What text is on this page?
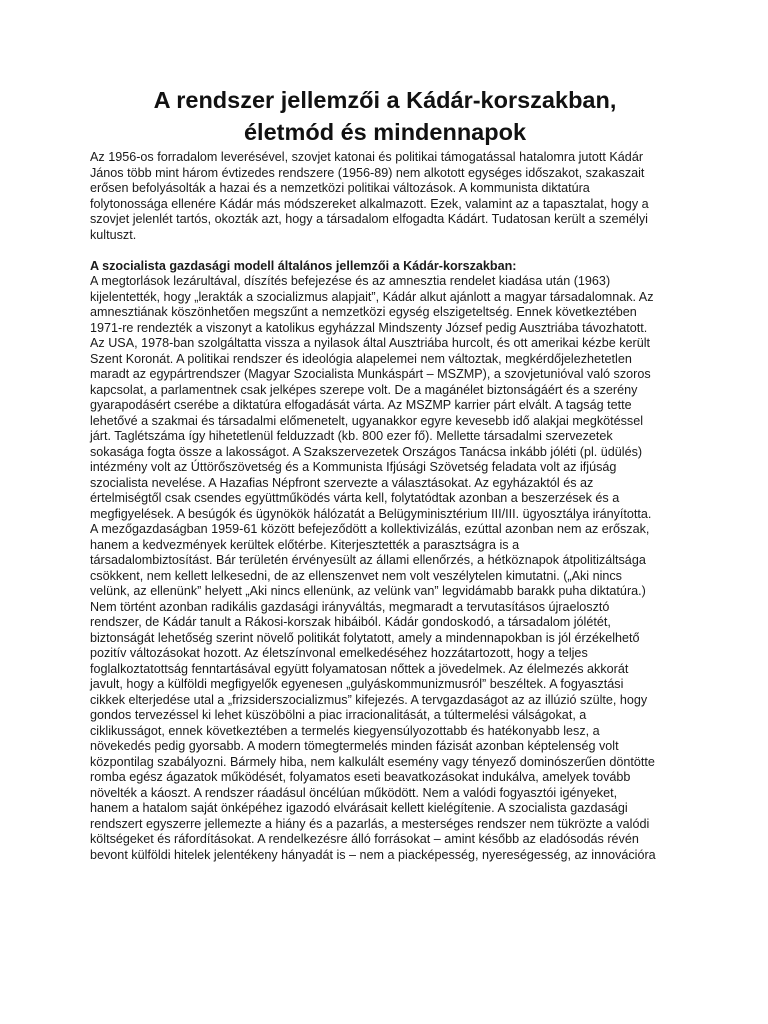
A rendszer jellemzői a Kádár-korszakban,
életmód és mindennapok

Az 1956-os forradalom leverésével, szovjet katonai és politikai támogatással hatalomra jutott Kádár
János több mint három évtizedes rendszere (1956-89) nem alkotott egységes időszakot, szakaszait
erősen befolyásolták a hazai és a nemzetközi politikai változások. A kommunista diktatúra
folytonossága ellenére Kádár más módszereket alkalmazott. Ezek, valamint az a tapasztalat, hogy a
szovjet jelenlét tartós, okozták azt, hogy a társadalom elfogadta Kádárt. Tudatosan került a személyi
kultuszt.

A szocialista gazdasági modell általános jellemzői a Kádár-korszakban:
A megtorlások lezárultával, díszítés befejezése és az amnesztia rendelet kiadása után (1963)
kijelentették, hogy „lerakták a szocializmus alapjait”, Kádár alkut ajánlott a magyar társadalomnak. Az
amnesztiának köszönhetően megszűnt a nemzetközi egység elszigeteltség. Ennek következtében
1971-re rendezték a viszonyt a katolikus egyházzal Mindszenty József pedig Ausztriába távozhatott.
Az USA, 1978-ban szolgáltatta vissza a nyilasok által Ausztriába hurcolt, és ott amerikai kézbe került
Szent Koronát. A politikai rendszer és ideológia alapelemei nem változtak, megkérdőjelezhetetlen
maradt az egypártrendszer (Magyar Szocialista Munkáspárt – MSZMP), a szovjetunióval való szoros
kapcsolat, a parlamentnek csak jelképes szerepe volt. De a magánélet biztonságáért és a szerény
gyarapodásért cserébe a diktatúra elfogadását várta. Az MSZMP karrier párt elvált. A tagság tette
lehetővé a szakmai és társadalmi előmenetelt, ugyanakkor egyre kevesebb idő alakjai megkötéssel
járt. Taglétszáma így hihetetlenül felduzzadt (kb. 800 ezer fő). Mellette társadalmi szervezetek
sokasága fogta össze a lakosságot. A Szakszervezetek Országos Tanácsa inkább jóléti (pl. üdülés)
intézmény volt az Úttörőszövetség és a Kommunista Ifjúsági Szövetség feladata volt az ifjúság
szocialista nevelése. A Hazafias Népfront szervezte a választásokat. Az egyházaktól és az
értelmiségtől csak csendes együttműködés várta kell, folytatódtak azonban a beszerzések és a
megfigyelések. A besúgók és ügynökök hálózatát a Belügyminisztérium III/III. ügyosztálya irányította.
A mezőgazdaságban 1959-61 között befejeződött a kollektivizálás, ezúttal azonban nem az erőszak,
hanem a kedvezmények kerültek előtérbe. Kiterjesztették a parasztságra is a
társadalombiztosítást. Bár területén érvényesült az állami ellenőrzés, a hétköznapok átpolitizáltsága
csökkent, nem kellett lelkesedni, de az ellenszenvet nem volt veszélytelen kimutatni. („Aki nincs
velünk, az ellenünk” helyett „Aki nincs ellenünk, az velünk van” legvidámabb barakk puha diktatúra.)
Nem történt azonban radikális gazdasági irányváltás, megmaradt a tervutasításos újraelosztó
rendszer, de Kádár tanult a Rákosi-korszak hibáiból. Kádár gondoskodó, a társadalom jólétét,
biztonságát lehetőség szerint növelő politikát folytatott, amely a mindennapokban is jól érzékelhető
pozitív változásokat hozott. Az életszínvonal emelkedéséhez hozzátartozott, hogy a teljes
foglalkoztatottság fenntartásával együtt folyamatosan nőttek a jövedelmek. Az élelmezés akkorát
javult, hogy a külföldi megfigyelők egyenesen „gulyáskommunizmusról” beszéltek. A fogyasztási
cikkek elterjedése utal a „frizsiderszocializmus” kifejezés. A tervgazdaságot az az illúzió szülte, hogy
gondos tervezéssel ki lehet küszöbölni a piac irracionalitását, a túltermelési válságokat, a
ciklikusságot, ennek következtében a termelés kiegyensúlyozottabb és hatékonyabb lesz, a
növekedés pedig gyorsabb. A modern tömegtermelés minden fázisát azonban képtelenség volt
központilag szabályozni. Bármely hiba, nem kalkulált esemény vagy tényező dominószerűen döntötte
romba egész ágazatok működését, folyamatos eseti beavatkozásokat indukálva, amelyek tovább
növelték a káoszt. A rendszer ráadásul öncélúan működött. Nem a valódi fogyasztói igényeket,
hanem a hatalom saját önképéhez igazodó elvárásait kellett kielégítenie. A szocialista gazdasági
rendszert egyszerre jellemezte a hiány és a pazarlás, a mesterséges rendszer nem tükrözte a valódi
költségeket és ráfordításokat. A rendelkezésre álló forrásokat – amint később az eladósodás révén
bevont külföldi hitelek jelentékeny hányadát is – nem a piacképesség, nyereségesség, az innovációra
